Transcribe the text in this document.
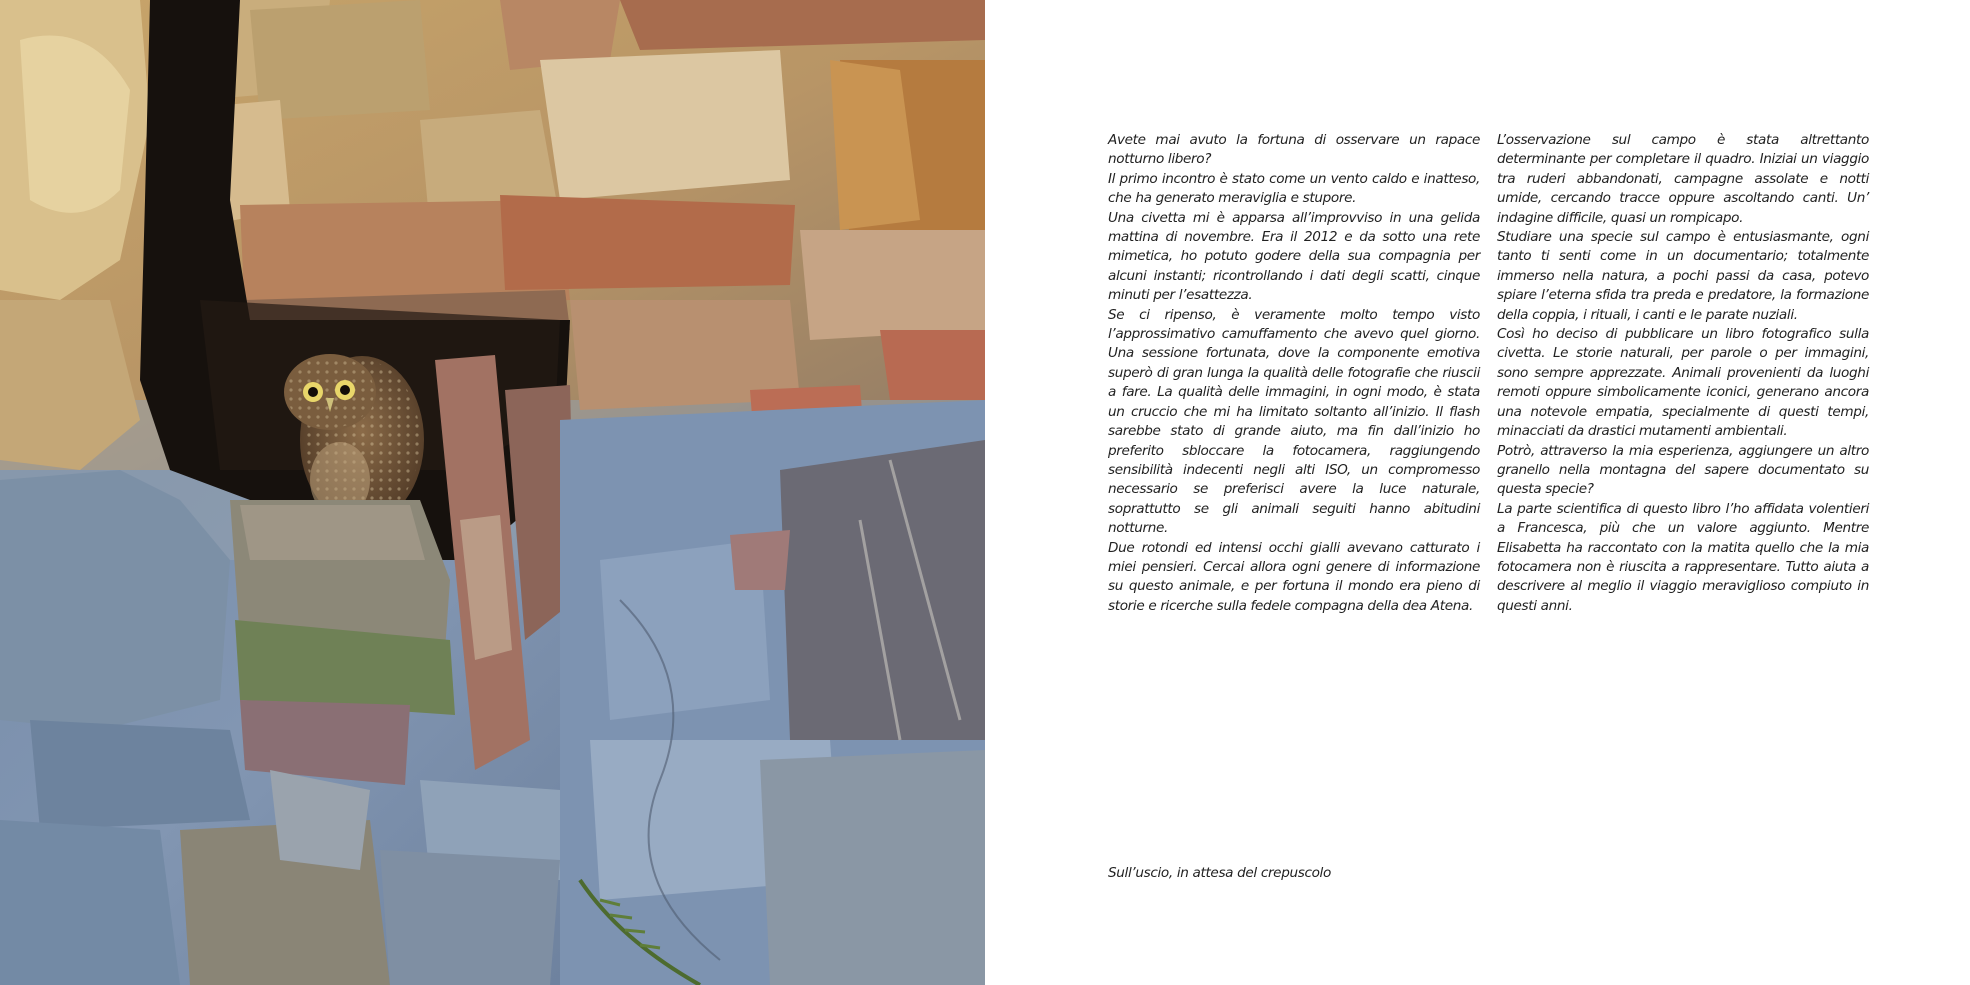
Avete mai avuto la fortuna di osservare un rapace notturno libero?

Il primo incontro è stato come un vento caldo e inatteso, che ha generato meraviglia e stupore.

Una civetta mi è apparsa all’improvviso in una gelida mattina di novembre. Era il 2012 e da sotto una rete mimetica, ho potuto godere della sua compagnia per alcuni instanti; ricontrollando i dati degli scatti, cinque minuti per l’esattezza.

Se ci ripenso, è veramente molto tempo visto l’approssimativo camuffamento che avevo quel giorno. Una sessione fortunata, dove la componente emotiva superò di gran lunga la qualità delle fotografie che riuscii a fare. La qualità delle immagini, in ogni modo, è stata un cruccio che mi ha limitato soltanto all’inizio. Il flash sarebbe stato di grande aiuto, ma fin dall’inizio ho preferito sbloccare la fotocamera, raggiungendo sensibilità indecenti negli alti ISO, un compromesso necessario se preferisci avere la luce naturale, soprattutto se gli animali seguiti hanno abitudini notturne.

Due rotondi ed intensi occhi gialli avevano catturato i miei pensieri. Cercai allora ogni genere di informazione su questo animale, e per fortuna il mondo era pieno di storie e ricerche sulla fedele compagna della dea Atena.

L’osservazione sul campo è stata altrettanto determinante per completare il quadro. Iniziai un viaggio tra ruderi abbandonati, campagne assolate e notti umide, cercando tracce oppure ascoltando canti. Un’ indagine difficile, quasi un rompicapo.

Studiare una specie sul campo è entusiasmante, ogni tanto ti senti come in un documentario; totalmente immerso nella natura, a pochi passi da casa, potevo spiare l’eterna sfida tra preda e predatore, la formazione della coppia, i rituali, i canti e le parate nuziali.

Così ho deciso di pubblicare un libro fotografico sulla civetta. Le storie naturali, per parole o per immagini, sono sempre apprezzate. Animali provenienti da luoghi remoti oppure simbolicamente iconici, generano ancora una notevole empatia, specialmente di questi tempi, minacciati da drastici mutamenti ambientali.

Potrò, attraverso la mia esperienza, aggiungere un altro granello nella montagna del sapere documentato su questa specie?

La parte scientifica di questo libro l’ho affidata volentieri a Francesca, più che un valore aggiunto. Mentre Elisabetta ha raccontato con la matita quello che la mia fotocamera non è riuscita a rappresentare. Tutto aiuta a descrivere al meglio il viaggio meraviglioso compiuto in questi anni.

Sull’uscio, in attesa del crepuscolo
